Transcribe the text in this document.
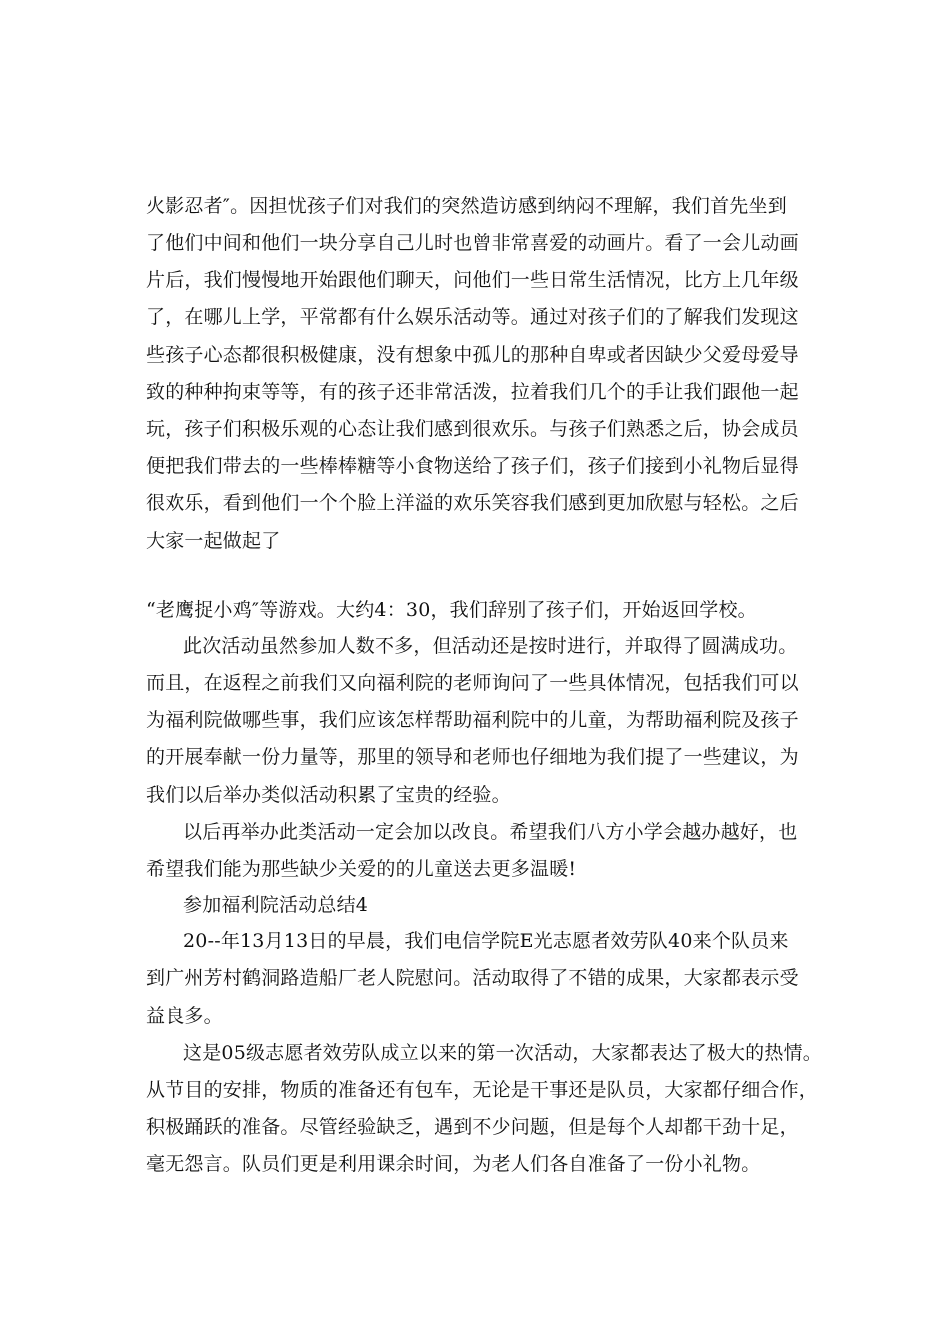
火影忍者″。因担忧孩子们对我们的突然造访感到纳闷不理解，我们首先坐到
了他们中间和他们一块分享自己儿时也曾非常喜爱的动画片。看了一会儿动画
片后，我们慢慢地开始跟他们聊天，问他们一些日常生活情况，比方上几年级
了，在哪儿上学，平常都有什么娱乐活动等。通过对孩子们的了解我们发现这
些孩子心态都很积极健康，没有想象中孤儿的那种自卑或者因缺少父爱母爱导
致的种种拘束等等，有的孩子还非常活泼，拉着我们几个的手让我们跟他一起
玩，孩子们积极乐观的心态让我们感到很欢乐。与孩子们熟悉之后，协会成员
便把我们带去的一些棒棒糖等小食物送给了孩子们，孩子们接到小礼物后显得
很欢乐，看到他们一个个脸上洋溢的欢乐笑容我们感到更加欣慰与轻松。之后
大家一起做起了
“老鹰捉小鸡″等游戏。大约4：30，我们辞别了孩子们，开始返回学校。
此次活动虽然参加人数不多，但活动还是按时进行，并取得了圆满成功。
而且，在返程之前我们又向福利院的老师询问了一些具体情况，包括我们可以
为福利院做哪些事，我们应该怎样帮助福利院中的儿童，为帮助福利院及孩子
的开展奉献一份力量等，那里的领导和老师也仔细地为我们提了一些建议，为
我们以后举办类似活动积累了宝贵的经验。
以后再举办此类活动一定会加以改良。希望我们八方小学会越办越好，也
希望我们能为那些缺少关爱的的儿童送去更多温暖!
参加福利院活动总结4
20--年13月13日的早晨，我们电信学院E光志愿者效劳队40来个队员来
到广州芳村鹤洞路造船厂老人院慰问。活动取得了不错的成果，大家都表示受
益良多。
这是05级志愿者效劳队成立以来的第一次活动，大家都表达了极大的热情。
从节目的安排，物质的准备还有包车，无论是干事还是队员，大家都仔细合作，
积极踊跃的准备。尽管经验缺乏，遇到不少问题，但是每个人却都干劲十足，
毫无怨言。队员们更是利用课余时间，为老人们各自准备了一份小礼物。
